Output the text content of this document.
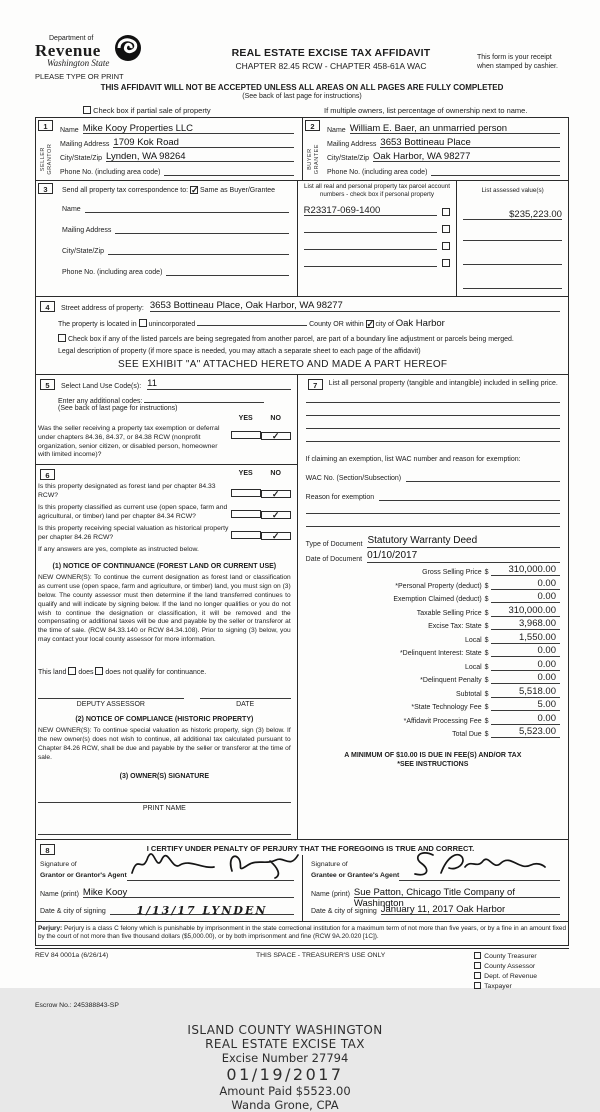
Department of
Revenue
Washington State
PLEASE TYPE OR PRINT
REAL ESTATE EXCISE TAX AFFIDAVIT
CHAPTER 82.45 RCW - CHAPTER 458-61A WAC
This form is your receipt when stamped by cashier.
THIS AFFIDAVIT WILL NOT BE ACCEPTED UNLESS ALL AREAS ON ALL PAGES ARE FULLY COMPLETED
(See back of last page for instructions)
Check box if partial sale of property	If multiple owners, list percentage of ownership next to name.
1
SELLER
GRANTOR
Name Mike Kooy Properties LLC
Mailing Address 1709 Kok Road
City/State/Zip Lynden, WA 98264
Phone No. (including area code)
2
BUYER
GRANTEE
Name William E. Baer, an unmarried person
Mailing Address 3653 Bottineau Place
City/State/Zip Oak Harbor, WA 98277
Phone No. (including area code)
3	Send all property tax correspondence to: ✓ Same as Buyer/Grantee
Name
Mailing Address
City/State/Zip
Phone No. (including area code)
List all real and personal property tax parcel account numbers - check box if personal property
R23317-069-1400
List assessed value(s)
$235,223.00
4	Street address of property: 3653 Bottineau Place, Oak Harbor, WA 98277
The property is located in unincorporated	County OR within ✓ city of Oak Harbor
Check box if any of the listed parcels are being segregated from another parcel, are part of a boundary line adjustment or parcels being merged.
Legal description of property (if more space is needed, you may attach a separate sheet to each page of the affidavit)
SEE EXHIBIT "A" ATTACHED HERETO AND MADE A PART HEREOF
5	Select Land Use Code(s): 11
Enter any additional codes:
(See back of last page for instructions)
YES	NO
Was the seller receiving a property tax exemption or deferral under chapters 84.36, 84.37, or 84.38 RCW (nonprofit organization, senior citizen, or disabled person, homeowner with limited income)?
✓
6	YES	NO
Is this property designated as forest land per chapter 84.33 RCW?	✓
Is this property classified as current use (open space, farm and agricultural, or timber) land per chapter 84.34 RCW?	✓
Is this property receiving special valuation as historical property per chapter 84.26 RCW?	✓
If any answers are yes, complete as instructed below.
(1) NOTICE OF CONTINUANCE (FOREST LAND OR CURRENT USE)
NEW OWNER(S): To continue the current designation as forest land or classification as current use (open space, farm and agriculture, or timber) land, you must sign on (3) below. The county assessor must then determine if the land transferred continues to qualify and will indicate by signing below. If the land no longer qualifies or you do not wish to continue the designation or classification, it will be removed and the compensating or additional taxes will be due and payable by the seller or transferor at the time of sale. (RCW 84.33.140 or RCW 84.34.108). Prior to signing (3) below, you may contact your local county assessor for more information.
This land does does not qualify for continuance.
DEPUTY ASSESSOR	DATE
(2) NOTICE OF COMPLIANCE (HISTORIC PROPERTY)
NEW OWNER(S): To continue special valuation as historic property, sign (3) below. If the new owner(s) does not wish to continue, all additional tax calculated pursuant to Chapter 84.26 RCW, shall be due and payable by the seller or transferor at the time of sale.
(3) OWNER(S) SIGNATURE
PRINT NAME
7	List all personal property (tangible and intangible) included in selling price.
If claiming an exemption, list WAC number and reason for exemption:
WAC No. (Section/Subsection)
Reason for exemption
Type of Document Statutory Warranty Deed
Date of Document 01/10/2017
Gross Selling Price $	310,000.00
*Personal Property (deduct) $	0.00
Exemption Claimed (deduct) $	0.00
Taxable Selling Price $	310,000.00
Excise Tax: State $	3,968.00
Local $	1,550.00
*Delinquent Interest: State $	0.00
Local $	0.00
*Delinquent Penalty $	0.00
Subtotal $	5,518.00
*State Technology Fee $	5.00
*Affidavit Processing Fee $	0.00
Total Due $	5,523.00
A MINIMUM OF $10.00 IS DUE IN FEE(S) AND/OR TAX
*SEE INSTRUCTIONS
8	I CERTIFY UNDER PENALTY OF PERJURY THAT THE FOREGOING IS TRUE AND CORRECT.
Signature of
Grantor or Grantor's Agent
Name (print) Mike Kooy
Date & city of signing	1/13/17 LYNDEN
Signature of
Grantee or Grantee's Agent
Name (print) Sue Patton, Chicago Title Company of Washington
Date & city of signing January 11, 2017 Oak Harbor
Perjury: Perjury is a class C felony which is punishable by imprisonment in the state correctional institution for a maximum term of not more than five years, or by a fine in an amount fixed by the court of not more than five thousand dollars ($5,000.00), or by both imprisonment and fine (RCW 9A.20.020 [1C]).
REV 84 0001a (6/26/14)	THIS SPACE - TREASURER'S USE ONLY	County Treasurer
County Assessor
Dept. of Revenue
Taxpayer
Escrow No.: 245388843-SP
ISLAND COUNTY WASHINGTON
REAL ESTATE EXCISE TAX
Excise Number 27794
01/19/2017
Amount Paid $5523.00
Wanda Grone, CPA
